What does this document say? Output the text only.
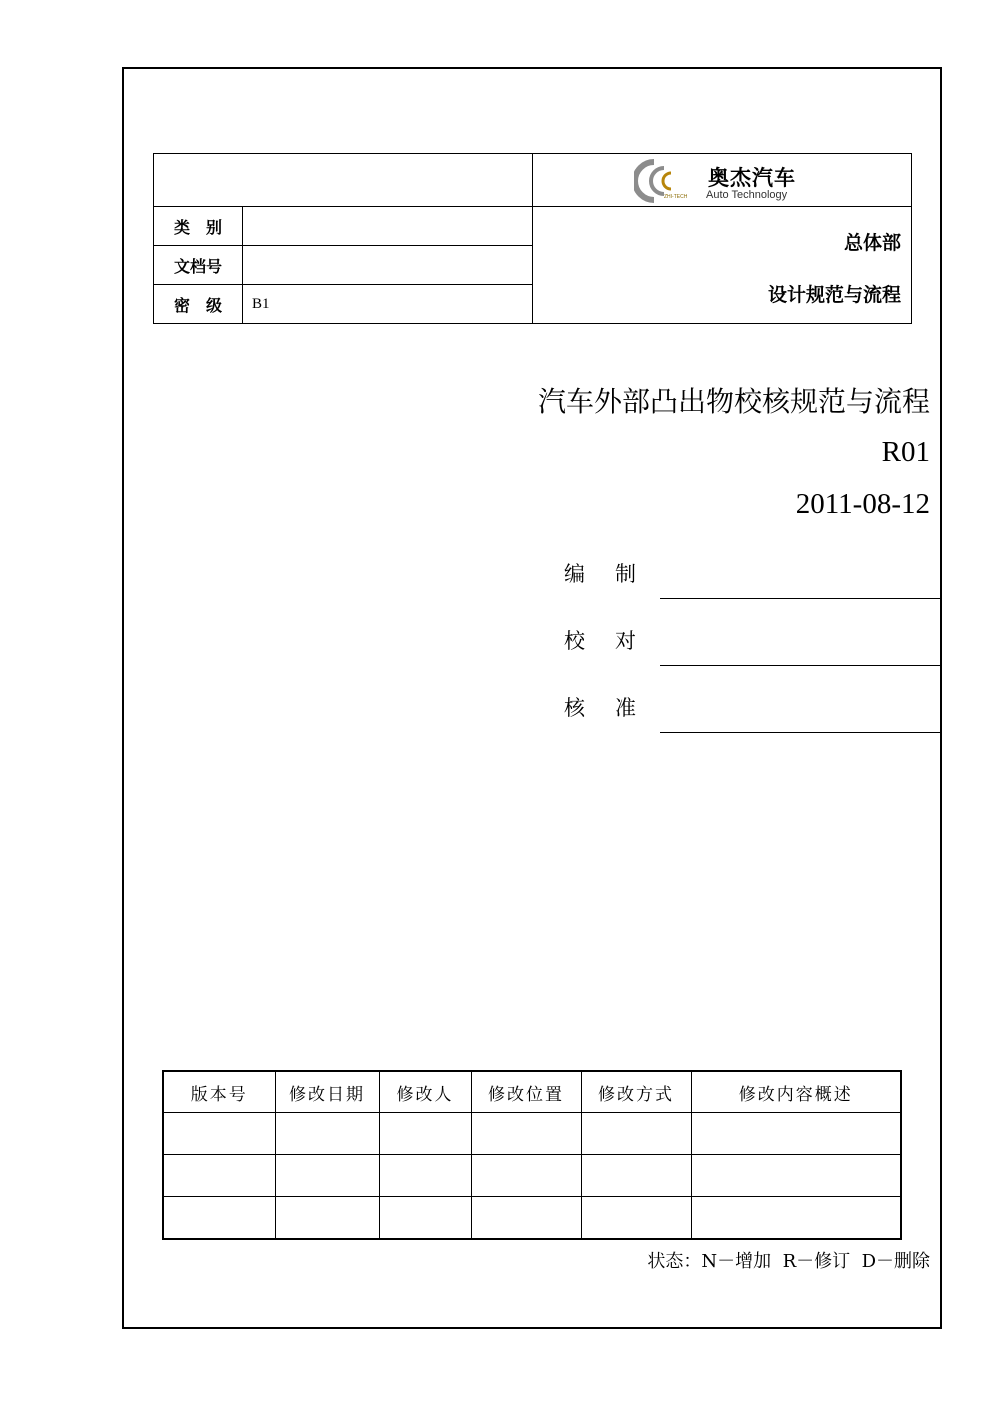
奥杰汽车
Auto Technology
ZHI-TECH
类　别
文档号
密　级	B1
总体部
设计规范与流程
汽车外部凸出物校核规范与流程
R01
2011-08-12
编 制
校 对
核 准
版本号	修改日期	修改人	修改位置	修改方式	修改内容概述

状态：N－增加  R－修订  D－删除
